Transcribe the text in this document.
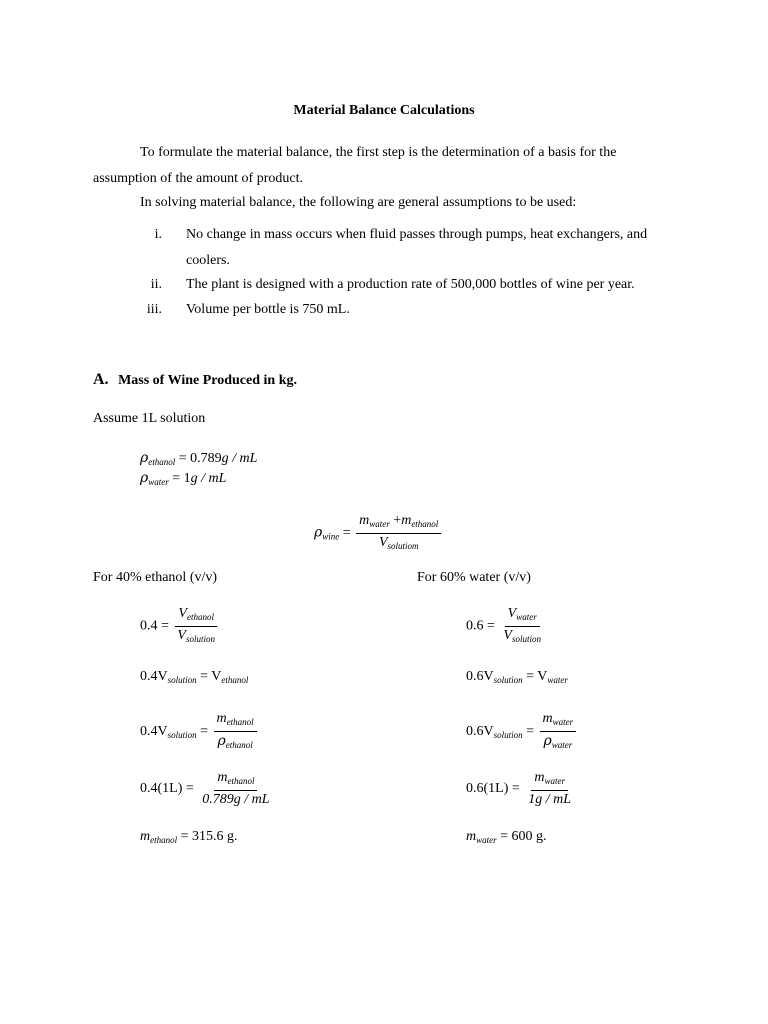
Material Balance Calculations
To formulate the material balance, the first step is the determination of a basis for the assumption of the amount of product.
In solving material balance, the following are general assumptions to be used:
i. No change in mass occurs when fluid passes through pumps, heat exchangers, and coolers.
ii. The plant is designed with a production rate of 500,000 bottles of wine per year.
iii. Volume per bottle is 750 mL.
A. Mass of Wine Produced in kg.
Assume 1L solution
$\rho_{ethanol} = 0.789g$ / mL
$\rho_{water} = 1g$ / mL
$\rho_{wine} = \frac{m_{water} +m_{ethanol}}{V_{solutiom}}$
For 40% ethanol (v/v)	For 60% water (v/v)
$0.4 = \frac{V_{ethanol}}{V_{solution}}$	$0.6 = \frac{V_{water}}{V_{solution}}$
$0.4V_{solution} = V_{ethanol}$	$0.6V_{solution} = V_{water}$
$0.4V_{solution} = \frac{m_{ethanol}}{\rho_{ethanol}}$	$0.6V_{solution} = \frac{m_{water}}{\rho_{water}}$
$0.4(1L) = \frac{m_{ethanol}}{0.789g / mL}$	$0.6(1L) = \frac{m_{water}}{1g / mL}$
$m_{ethanol} = 315.6$ g.	$m_{water} = 600$ g.
